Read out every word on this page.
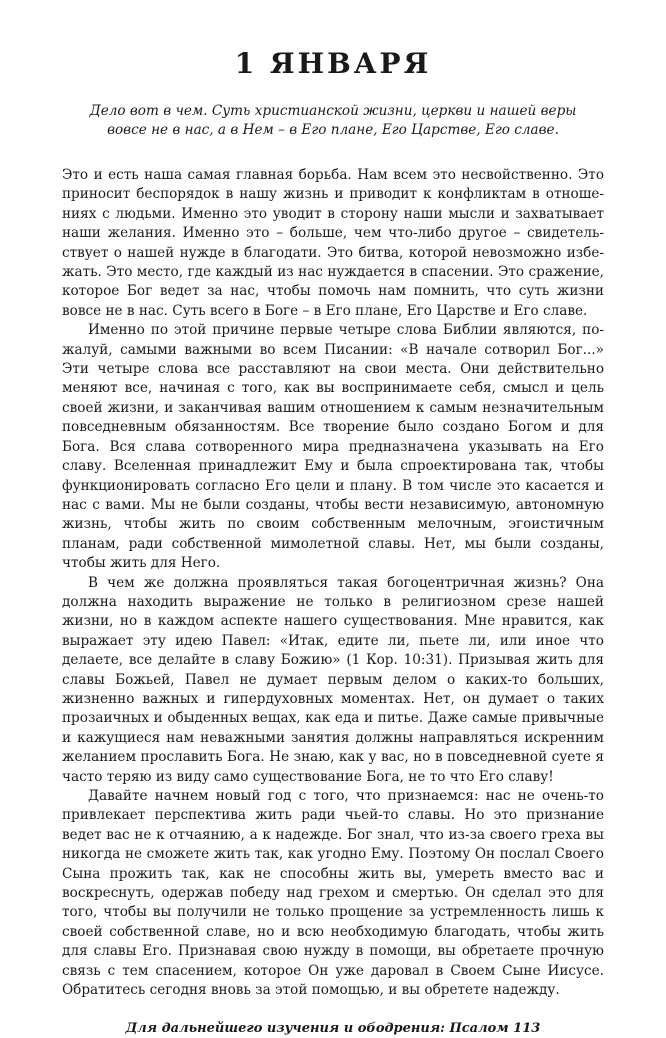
1 ЯНВАРЯ
Дело вот в чем. Суть христианской жизни, церкви и нашей веры вовсе не в нас, а в Нем – в Его плане, Его Царстве, Его славе.

Это и есть наша самая главная борьба. Нам всем это несвойственно. Это приносит беспорядок в нашу жизнь и приводит к конфликтам в отношениях с людьми. Именно это уводит в сторону наши мысли и захватывает наши желания. Именно это – больше, чем что-либо другое – свидетельствует о нашей нужде в благодати. Это битва, которой невозможно избежать. Это место, где каждый из нас нуждается в спасении. Это сражение, которое Бог ведет за нас, чтобы помочь нам помнить, что суть жизни вовсе не в нас. Суть всего в Боге – в Его плане, Его Царстве и Его славе.

Именно по этой причине первые четыре слова Библии являются, пожалуй, самыми важными во всем Писании: «В начале сотворил Бог...» Эти четыре слова все расставляют на свои места. Они действительно меняют все, начиная с того, как вы воспринимаете себя, смысл и цель своей жизни, и заканчивая вашим отношением к самым незначительным повседневным обязанностям. Все творение было создано Богом и для Бога. Вся слава сотворенного мира предназначена указывать на Его славу. Вселенная принадлежит Ему и была спроектирована так, чтобы функционировать согласно Его цели и плану. В том числе это касается и нас с вами. Мы не были созданы, чтобы вести независимую, автономную жизнь, чтобы жить по своим собственным мелочным, эгоистичным планам, ради собственной мимолетной славы. Нет, мы были созданы, чтобы жить для Него.

В чем же должна проявляться такая богоцентричная жизнь? Она должна находить выражение не только в религиозном срезе нашей жизни, но в каждом аспекте нашего существования. Мне нравится, как выражает эту идею Павел: «Итак, едите ли, пьете ли, или иное что делаете, все делайте в славу Божию» (1 Кор. 10:31). Призывая жить для славы Божьей, Павел не думает первым делом о каких-то больших, жизненно важных и гипердуховных моментах. Нет, он думает о таких прозаичных и обыденных вещах, как еда и питье. Даже самые привычные и кажущиеся нам неважными занятия должны направляться искренним желанием прославить Бога. Не знаю, как у вас, но в повседневной суете я часто теряю из виду само существование Бога, не то что Его славу!

Давайте начнем новый год с того, что признаемся: нас не очень-то привлекает перспектива жить ради чьей-то славы. Но это признание ведет вас не к отчаянию, а к надежде. Бог знал, что из-за своего греха вы никогда не сможете жить так, как угодно Ему. Поэтому Он послал Своего Сына прожить так, как не способны жить вы, умереть вместо вас и воскреснуть, одержав победу над грехом и смертью. Он сделал это для того, чтобы вы получили не только прощение за устремленность лишь к своей собственной славе, но и всю необходимую благодать, чтобы жить для славы Его. Признавая свою нужду в помощи, вы обретаете прочную связь с тем спасением, которое Он уже даровал в Своем Сыне Иисусе. Обратитесь сегодня вновь за этой помощью, и вы обретете надежду.

Для дальнейшего изучения и ободрения: Псалом 113
